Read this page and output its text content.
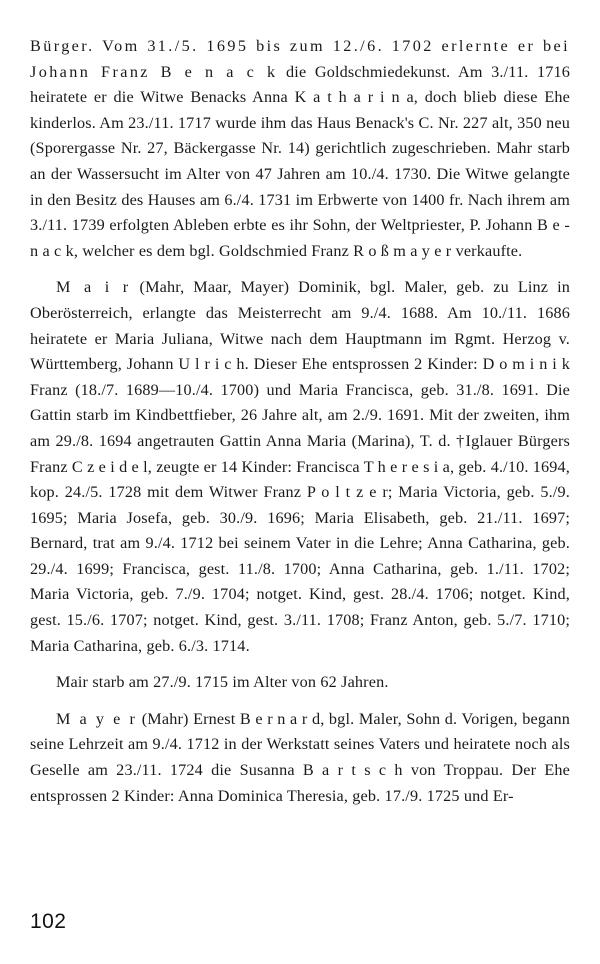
Bürger. Vom 31./5. 1695 bis zum 12./6. 1702 erlernte er bei Johann Franz B e n a c k die Goldschmiedekunst. Am 3./11. 1716 heiratete er die Witwe Benacks Anna K a t h a r i n a, doch blieb diese Ehe kinderlos. Am 23./11. 1717 wurde ihm das Haus Benack's C. Nr. 227 alt, 350 neu (Sporergasse Nr. 27, Bäckergasse Nr. 14) gerichtlich zugeschrieben. Mahr starb an der Wassersucht im Alter von 47 Jahren am 10./4. 1730. Die Witwe gelangte in den Besitz des Hauses am 6./4. 1731 im Erbwerte von 1400 fr. Nach ihrem am 3./11. 1739 erfolgten Ableben erbte es ihr Sohn, der Weltpriester, P. Johann B e - n a c k, welcher es dem bgl. Goldschmied Franz R o ß m a y e r verkaufte.

M a i r (Mahr, Maar, Mayer) Dominik, bgl. Maler, geb. zu Linz in Oberösterreich, erlangte das Meisterrecht am 9./4. 1688. Am 10./11. 1686 heiratete er Maria Juliana, Witwe nach dem Hauptmann im Rgmt. Herzog v. Württemberg, Johann U l r i c h. Dieser Ehe entsprossen 2 Kinder: D o m i n i k Franz (18./7. 1689—10./4. 1700) und Maria Francisca, geb. 31./8. 1691. Die Gattin starb im Kindbettfieber, 26 Jahre alt, am 2./9. 1691. Mit der zweiten, ihm am 29./8. 1694 angetrauten Gattin Anna Maria (Marina), T. d. †Iglauer Bürgers Franz C z e i d e l, zeugte er 14 Kinder: Francisca T h e r e s i a, geb. 4./10. 1694, kop. 24./5. 1728 mit dem Witwer Franz P o l t z e r; Maria Victoria, geb. 5./9. 1695; Maria Josefa, geb. 30./9. 1696; Maria Elisabeth, geb. 21./11. 1697; Bernard, trat am 9./4. 1712 bei seinem Vater in die Lehre; Anna Catharina, geb. 29./4. 1699; Francisca, gest. 11./8. 1700; Anna Catharina, geb. 1./11. 1702; Maria Victoria, geb. 7./9. 1704; notget. Kind, gest. 28./4. 1706; notget. Kind, gest. 15./6. 1707; notget. Kind, gest. 3./11. 1708; Franz Anton, geb. 5./7. 1710; Maria Catharina, geb. 6./3. 1714.

Mair starb am 27./9. 1715 im Alter von 62 Jahren.

M a y e r (Mahr) Ernest B e r n a r d, bgl. Maler, Sohn d. Vorigen, begann seine Lehrzeit am 9./4. 1712 in der Werkstatt seines Vaters und heiratete noch als Geselle am 23./11. 1724 die Susanna B a r t s c h von Troppau. Der Ehe entsprossen 2 Kinder: Anna Dominica Theresia, geb. 17./9. 1725 und Er-

102
